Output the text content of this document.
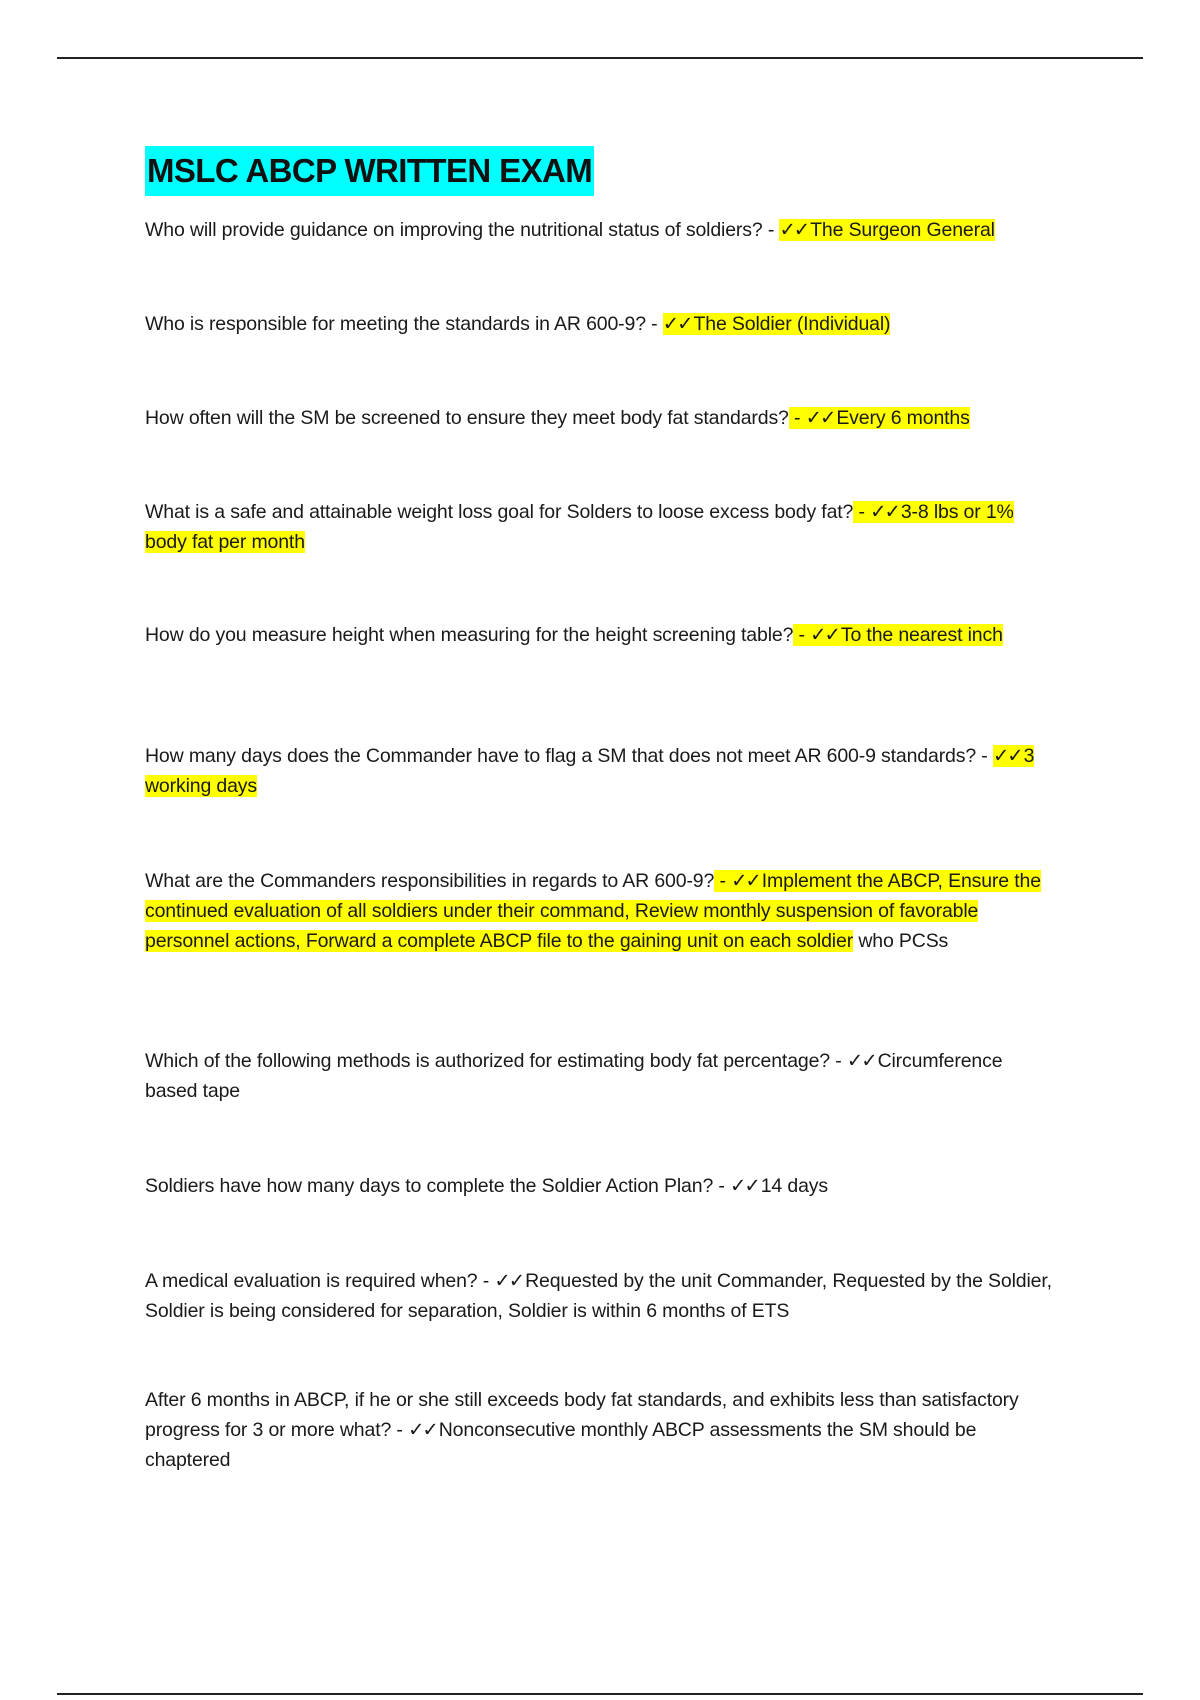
MSLC ABCP WRITTEN EXAM

Who will provide guidance on improving the nutritional status of soldiers? - ✓✓ The Surgeon General

Who is responsible for meeting the standards in AR 600-9? - ✓✓ The Soldier (Individual)

How often will the SM be screened to ensure they meet body fat standards? - ✓✓ Every 6 months

What is a safe and attainable weight loss goal for Solders to loose excess body fat? - ✓✓ 3-8 lbs or 1% body fat per month

How do you measure height when measuring for the height screening table? - ✓✓ To the nearest inch

How many days does the Commander have to flag a SM that does not meet AR 600-9 standards? - ✓✓ 3 working days

What are the Commanders responsibilities in regards to AR 600-9? - ✓✓ Implement the ABCP, Ensure the continued evaluation of all soldiers under their command, Review monthly suspension of favorable personnel actions, Forward a complete ABCP file to the gaining unit on each soldier who PCSs

Which of the following methods is authorized for estimating body fat percentage? - ✓✓ Circumference based tape

Soldiers have how many days to complete the Soldier Action Plan? - ✓✓ 14 days

A medical evaluation is required when? - ✓✓ Requested by the unit Commander, Requested by the Soldier, Soldier is being considered for separation, Soldier is within 6 months of ETS

After 6 months in ABCP, if he or she still exceeds body fat standards, and exhibits less than satisfactory progress for 3 or more what? - ✓✓ Nonconsecutive monthly ABCP assessments the SM should be chaptered
